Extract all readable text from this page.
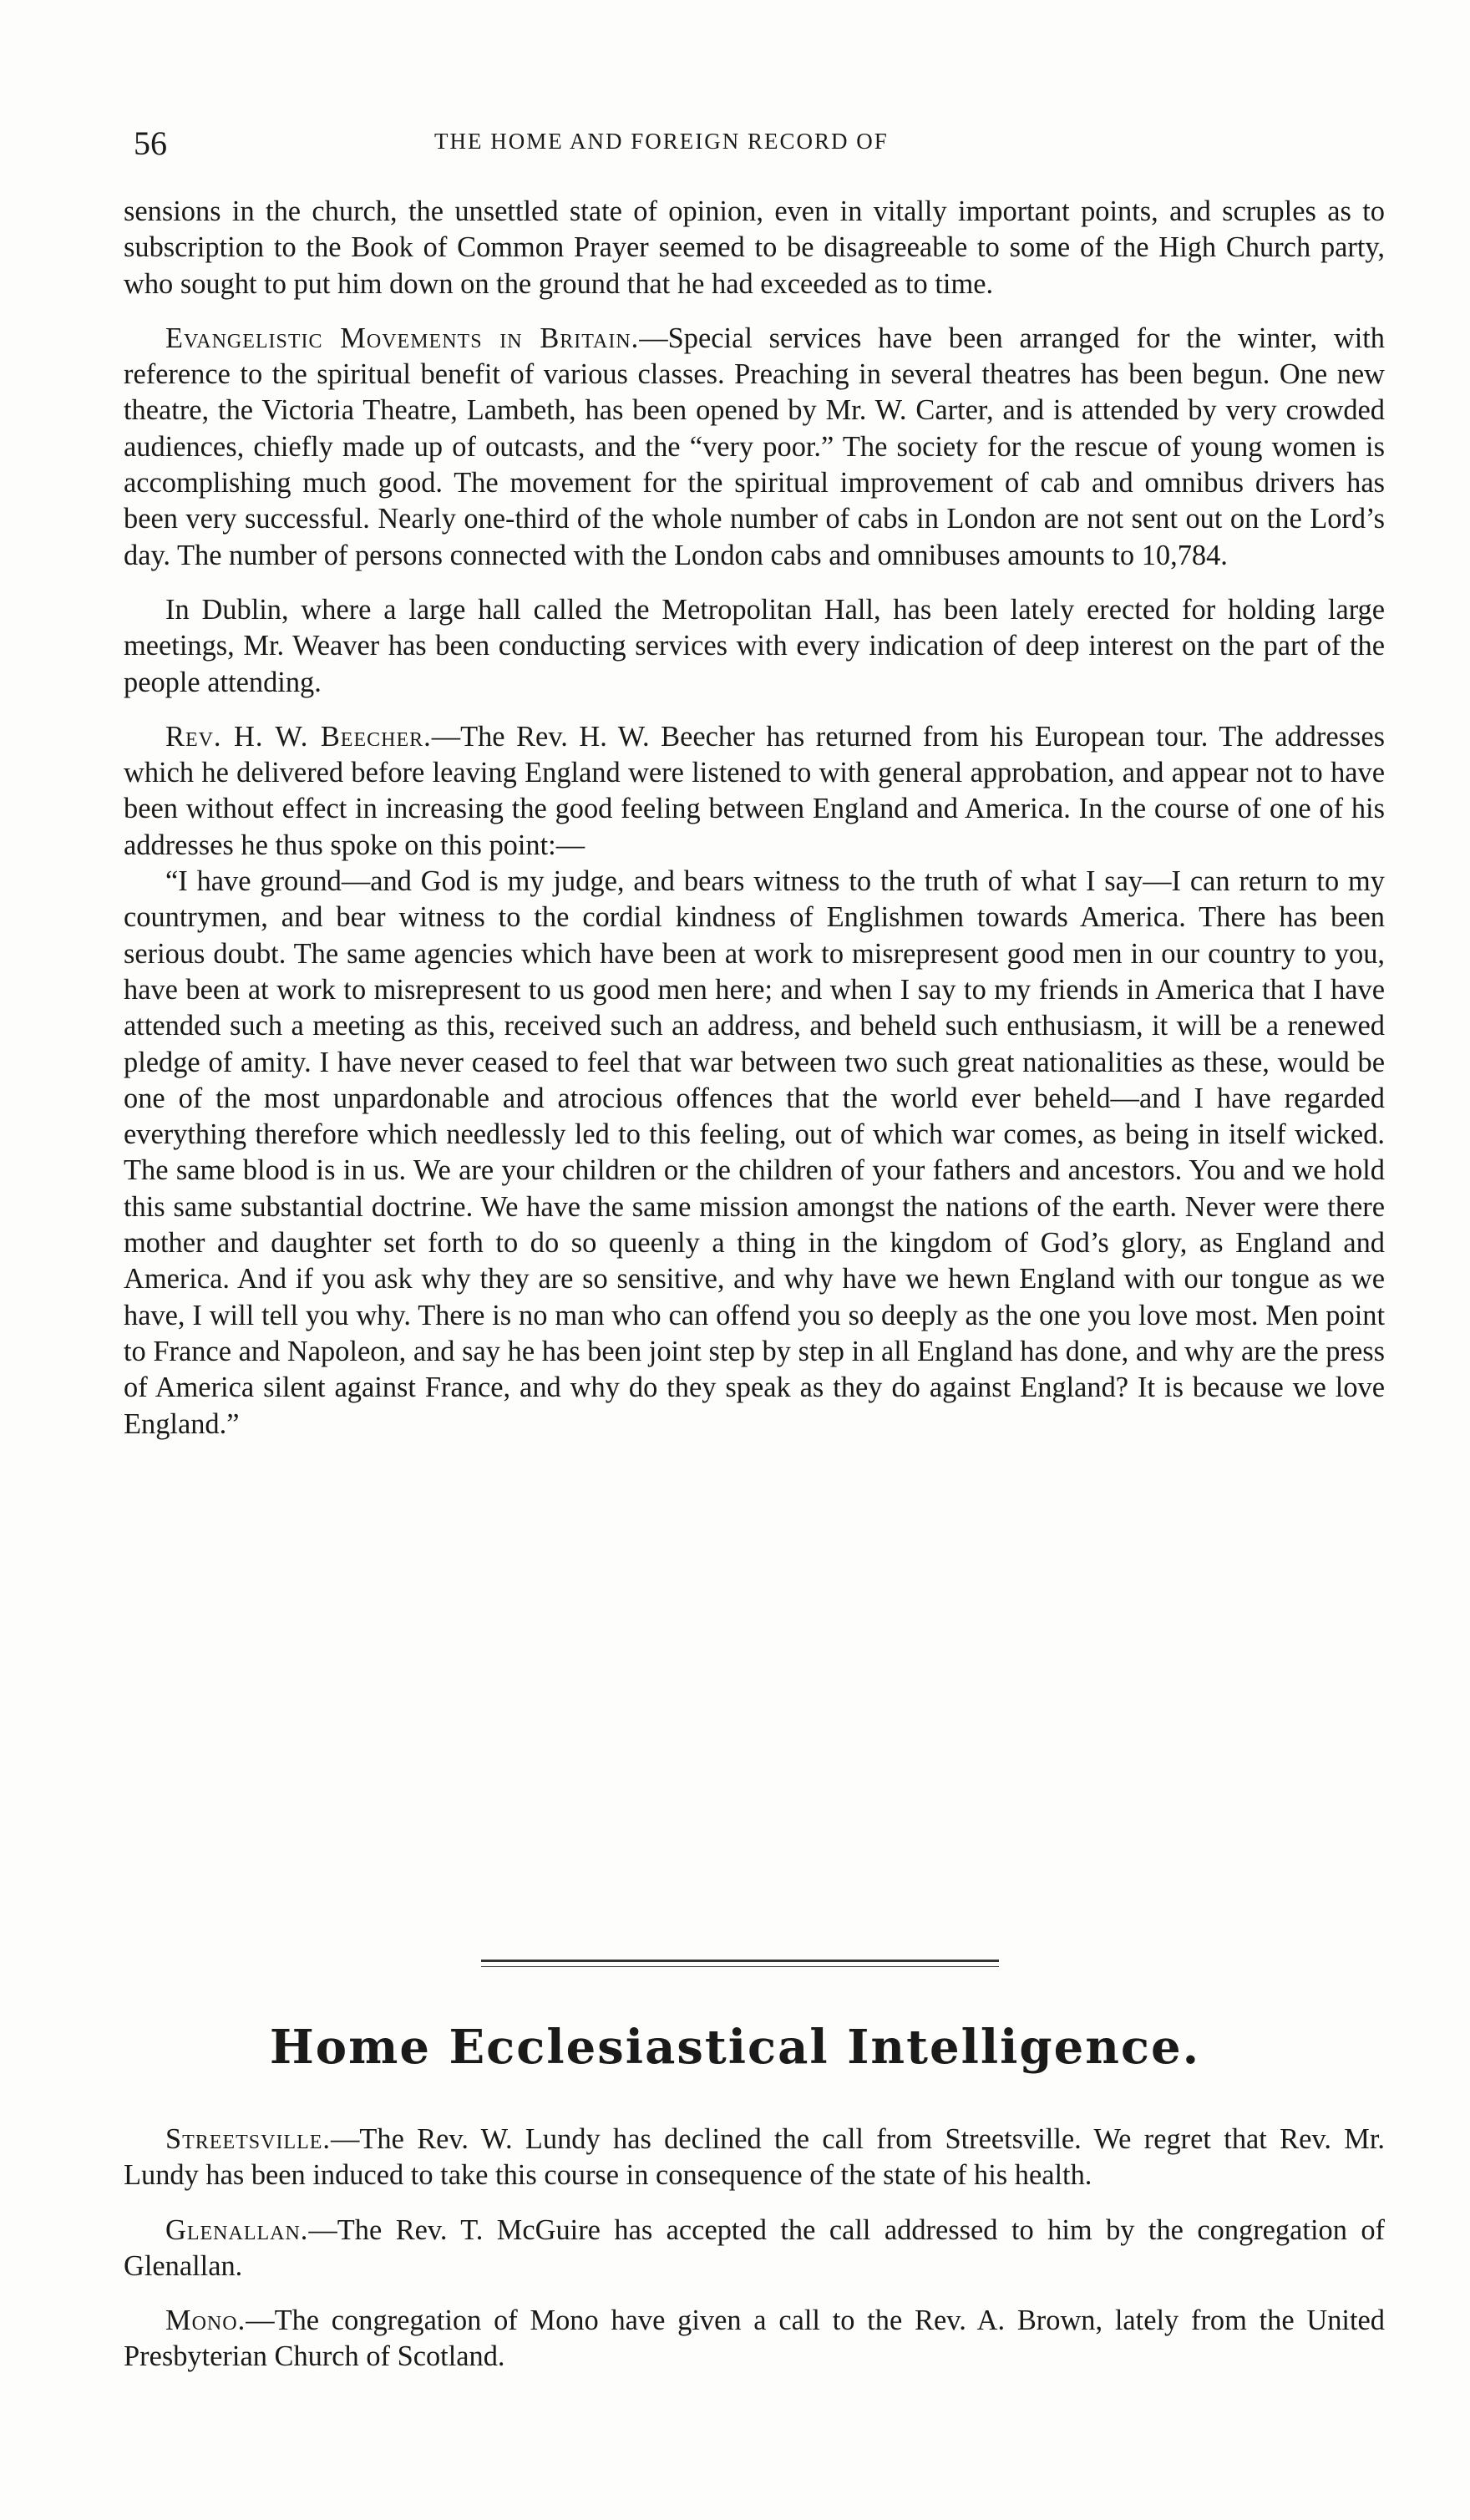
56	THE HOME AND FOREIGN RECORD OF

sensions in the church, the unsettled state of opinion, even in vitally important points, and scruples as to subscription to the Book of Common Prayer seemed to be disagreeable to some of the High Church party, who sought to put him down on the ground that he had exceeded as to time.

Evangelistic Movements in Britain.—Special services have been arranged for the winter, with reference to the spiritual benefit of various classes. Preaching in several theatres has been begun. One new theatre, the Victoria Theatre, Lambeth, has been opened by Mr. W. Carter, and is attended by very crowded audiences, chiefly made up of outcasts, and the “very poor.” The society for the rescue of young women is accomplishing much good. The movement for the spiritual improvement of cab and omnibus drivers has been very successful. Nearly one-third of the whole number of cabs in London are not sent out on the Lord’s day. The number of persons connected with the London cabs and omnibuses amounts to 10,784.

In Dublin, where a large hall called the Metropolitan Hall, has been lately erected for holding large meetings, Mr. Weaver has been conducting services with every indication of deep interest on the part of the people attending.

Rev. H. W. Beecher.—The Rev. H. W. Beecher has returned from his European tour. The addresses which he delivered before leaving England were listened to with general approbation, and appear not to have been without effect in increasing the good feeling between England and America. In the course of one of his addresses he thus spoke on this point:—

“I have ground—and God is my judge, and bears witness to the truth of what I say—I can return to my countrymen, and bear witness to the cordial kindness of Englishmen towards America. There has been serious doubt. The same agencies which have been at work to misrepresent good men in our country to you, have been at work to misrepresent to us good men here; and when I say to my friends in America that I have attended such a meeting as this, received such an address, and beheld such enthusiasm, it will be a renewed pledge of amity. I have never ceased to feel that war between two such great nationalities as these, would be one of the most unpardonable and atrocious offences that the world ever beheld—and I have regarded everything therefore which needlessly led to this feeling, out of which war comes, as being in itself wicked. The same blood is in us. We are your children or the children of your fathers and ancestors. You and we hold this same substantial doctrine. We have the same mission amongst the nations of the earth. Never were there mother and daughter set forth to do so queenly a thing in the kingdom of God’s glory, as England and America. And if you ask why they are so sensitive, and why have we hewn England with our tongue as we have, I will tell you why. There is no man who can offend you so deeply as the one you love most. Men point to France and Napoleon, and say he has been joint step by step in all England has done, and why are the press of America silent against France, and why do they speak as they do against England? It is because we love England.”

Home Ecclesiastical Intelligence.

Streetsville.—The Rev. W. Lundy has declined the call from Streetsville. We regret that Rev. Mr. Lundy has been induced to take this course in consequence of the state of his health.

Glenallan.—The Rev. T. McGuire has accepted the call addressed to him by the congregation of Glenallan.

Mono.—The congregation of Mono have given a call to the Rev. A. Brown, lately from the United Presbyterian Church of Scotland.
